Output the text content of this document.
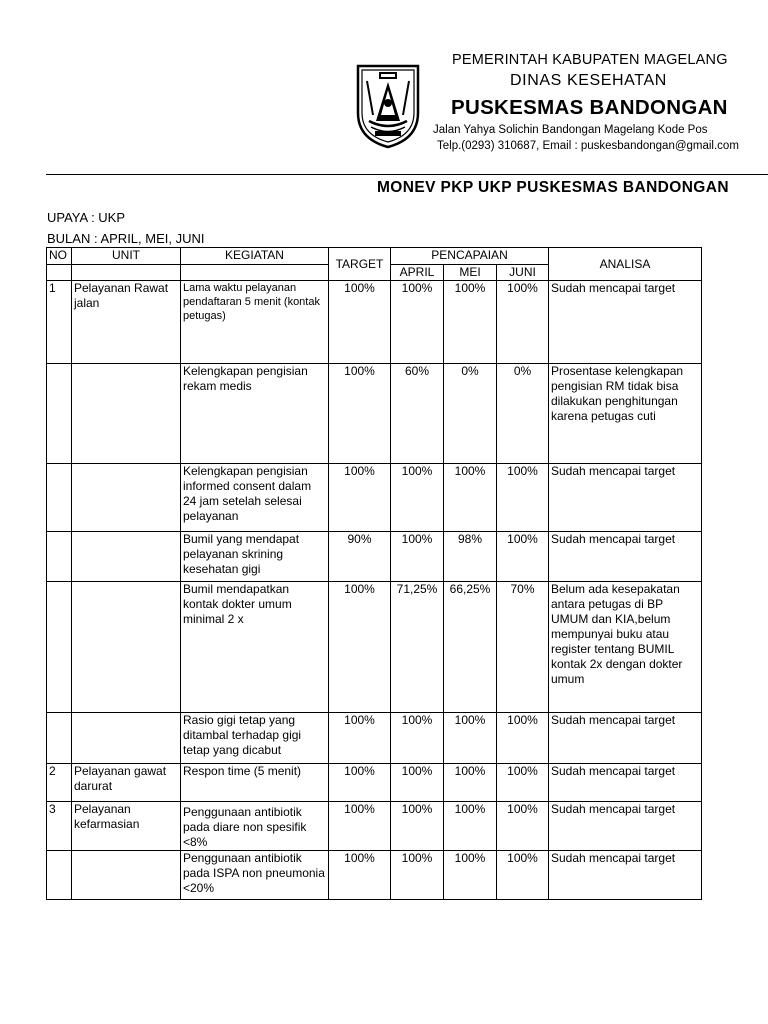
PEMERINTAH KABUPATEN MAGELANG
DINAS KESEHATAN
PUSKESMAS BANDONGAN
Jalan Yahya Solichin Bandongan Magelang Kode Pos
Telp.(0293) 310687, Email : puskesbandongan@gmail.com
MONEV PKP UKP PUSKESMAS BANDONGAN
UPAYA : UKP
BULAN : APRIL, MEI, JUNI
NO	UNIT	KEGIATAN	TARGET	PENCAPAIAN			ANALISA
				APRIL	MEI	JUNI	
1	Pelayanan Rawat jalan	Lama waktu pelayanan pendaftaran 5 menit (kontak petugas)	100%	100%	100%	100%	Sudah mencapai target
		Kelengkapan pengisian rekam medis	100%	60%	0%	0%	Prosentase kelengkapan pengisian RM tidak bisa dilakukan penghitungan karena petugas cuti
		Kelengkapan pengisian informed consent dalam 24 jam setelah selesai pelayanan	100%	100%	100%	100%	Sudah mencapai target
		Bumil yang mendapat pelayanan skrining kesehatan gigi	90%	100%	98%	100%	Sudah mencapai target
		Bumil mendapatkan kontak dokter umum minimal 2 x	100%	71,25%	66,25%	70%	Belum ada kesepakatan antara petugas di BP UMUM dan KIA,belum mempunyai buku atau register tentang BUMIL kontak 2x dengan dokter umum
		Rasio gigi tetap yang ditambal terhadap gigi tetap yang dicabut	100%	100%	100%	100%	Sudah mencapai target
2	Pelayanan gawat darurat	Respon time (5 menit)	100%	100%	100%	100%	Sudah mencapai target
3	Pelayanan kefarmasian	Penggunaan antibiotik pada diare non spesifik <8%	100%	100%	100%	100%	Sudah mencapai target
		Penggunaan antibiotik pada ISPA non pneumonia <20%	100%	100%	100%	100%	Sudah mencapai target
